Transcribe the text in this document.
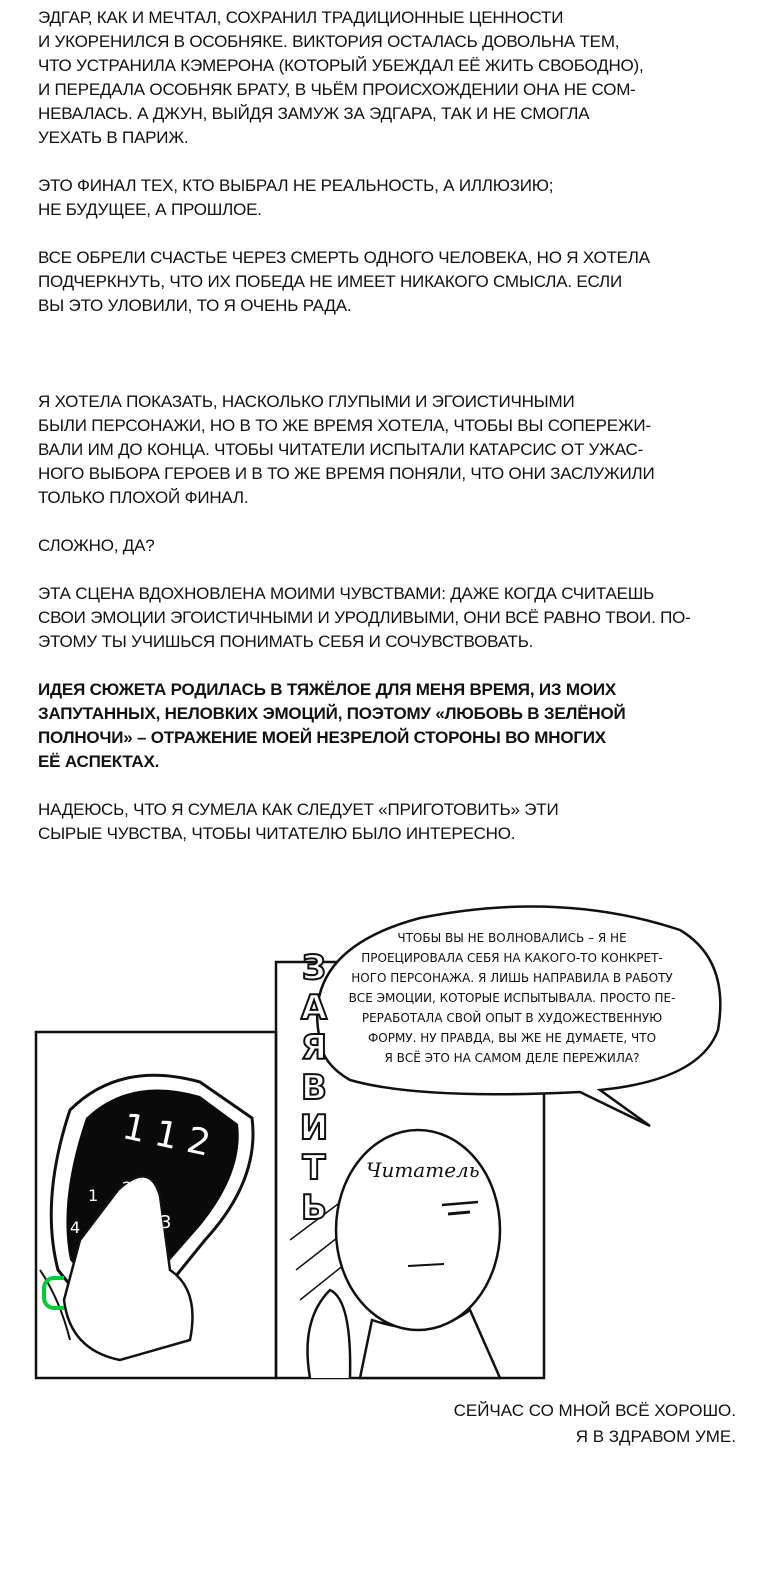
ЭДГАР, КАК И МЕЧТАЛ, СОХРАНИЛ ТРАДИЦИОННЫЕ ЦЕННОСТИ
И УКОРЕНИЛСЯ В ОСОБНЯКЕ. ВИКТОРИЯ ОСТАЛАСЬ ДОВОЛЬНА ТЕМ,
ЧТО УСТРАНИЛА КЭМЕРОНА (КОТОРЫЙ УБЕЖДАЛ ЕЁ ЖИТЬ СВОБОДНО),
И ПЕРЕДАЛА ОСОБНЯК БРАТУ, В ЧЬЁМ ПРОИСХОЖДЕНИИ ОНА НЕ СОМ-
НЕВАЛАСЬ. А ДЖУН, ВЫЙДЯ ЗАМУЖ ЗА ЭДГАРА, ТАК И НЕ СМОГЛА
УЕХАТЬ В ПАРИЖ.

ЭТО ФИНАЛ ТЕХ, КТО ВЫБРАЛ НЕ РЕАЛЬНОСТЬ, А ИЛЛЮЗИЮ;
НЕ БУДУЩЕЕ, А ПРОШЛОЕ.

ВСЕ ОБРЕЛИ СЧАСТЬЕ ЧЕРЕЗ СМЕРТЬ ОДНОГО ЧЕЛОВЕКА, НО Я ХОТЕЛА
ПОДЧЕРКНУТЬ, ЧТО ИХ ПОБЕДА НЕ ИМЕЕТ НИКАКОГО СМЫСЛА. ЕСЛИ
ВЫ ЭТО УЛОВИЛИ, ТО Я ОЧЕНЬ РАДА.

Я ХОТЕЛА ПОКАЗАТЬ, НАСКОЛЬКО ГЛУПЫМИ И ЭГОИСТИЧНЫМИ
БЫЛИ ПЕРСОНАЖИ, НО В ТО ЖЕ ВРЕМЯ ХОТЕЛА, ЧТОБЫ ВЫ СОПЕРЕЖИ-
ВАЛИ ИМ ДО КОНЦА. ЧТОБЫ ЧИТАТЕЛИ ИСПЫТАЛИ КАТАРСИС ОТ УЖАС-
НОГО ВЫБОРА ГЕРОЕВ И В ТО ЖЕ ВРЕМЯ ПОНЯЛИ, ЧТО ОНИ ЗАСЛУЖИЛИ
ТОЛЬКО ПЛОХОЙ ФИНАЛ.

СЛОЖНО, ДА?

ЭТА СЦЕНА ВДОХНОВЛЕНА МОИМИ ЧУВСТВАМИ: ДАЖЕ КОГДА СЧИТАЕШЬ
СВОИ ЭМОЦИИ ЭГОИСТИЧНЫМИ И УРОДЛИВЫМИ, ОНИ ВСЁ РАВНО ТВОИ. ПО-
ЭТОМУ ТЫ УЧИШЬСЯ ПОНИМАТЬ СЕБЯ И СОЧУВСТВОВАТЬ.

ИДЕЯ СЮЖЕТА РОДИЛАСЬ В ТЯЖЁЛОЕ ДЛЯ МЕНЯ ВРЕМЯ, ИЗ МОИХ
ЗАПУТАННЫХ, НЕЛОВКИХ ЭМОЦИЙ, ПОЭТОМУ «ЛЮБОВЬ В ЗЕЛЁНОЙ
ПОЛНОЧИ» – ОТРАЖЕНИЕ МОЕЙ НЕЗРЕЛОЙ СТОРОНЫ ВО МНОГИХ
ЕЁ АСПЕКТАХ.

НАДЕЮСЬ, ЧТО Я СУМЕЛА КАК СЛЕДУЕТ «ПРИГОТОВИТЬ» ЭТИ
СЫРЫЕ ЧУВСТВА, ЧТОБЫ ЧИТАТЕЛЮ БЫЛО ИНТЕРЕСНО.

ЧТОБЫ ВЫ НЕ ВОЛНОВАЛИСЬ – Я НЕ
ПРОЕЦИРОВАЛА СЕБЯ НА КАКОГО-ТО КОНКРЕТ-
НОГО ПЕРСОНАЖА. Я ЛИШЬ НАПРАВИЛА В РАБОТУ
ВСЕ ЭМОЦИИ, КОТОРЫЕ ИСПЫТЫВАЛА. ПРОСТО ПЕ-
РЕРАБОТАЛА СВОЙ ОПЫТ В ХУДОЖЕСТВЕННУЮ
ФОРМУ. НУ ПРАВДА, ВЫ ЖЕ НЕ ДУМАЕТЕ, ЧТО
Я ВСЁ ЭТО НА САМОМ ДЕЛЕ ПЕРЕЖИЛА?
З
А
Я
В
И
Т
Ь
Читатель
112
1 2
3
4
5
6
7
8
9
СЕЙЧАС СО МНОЙ ВСЁ ХОРОШО.
Я В ЗДРАВОМ УМЕ.
